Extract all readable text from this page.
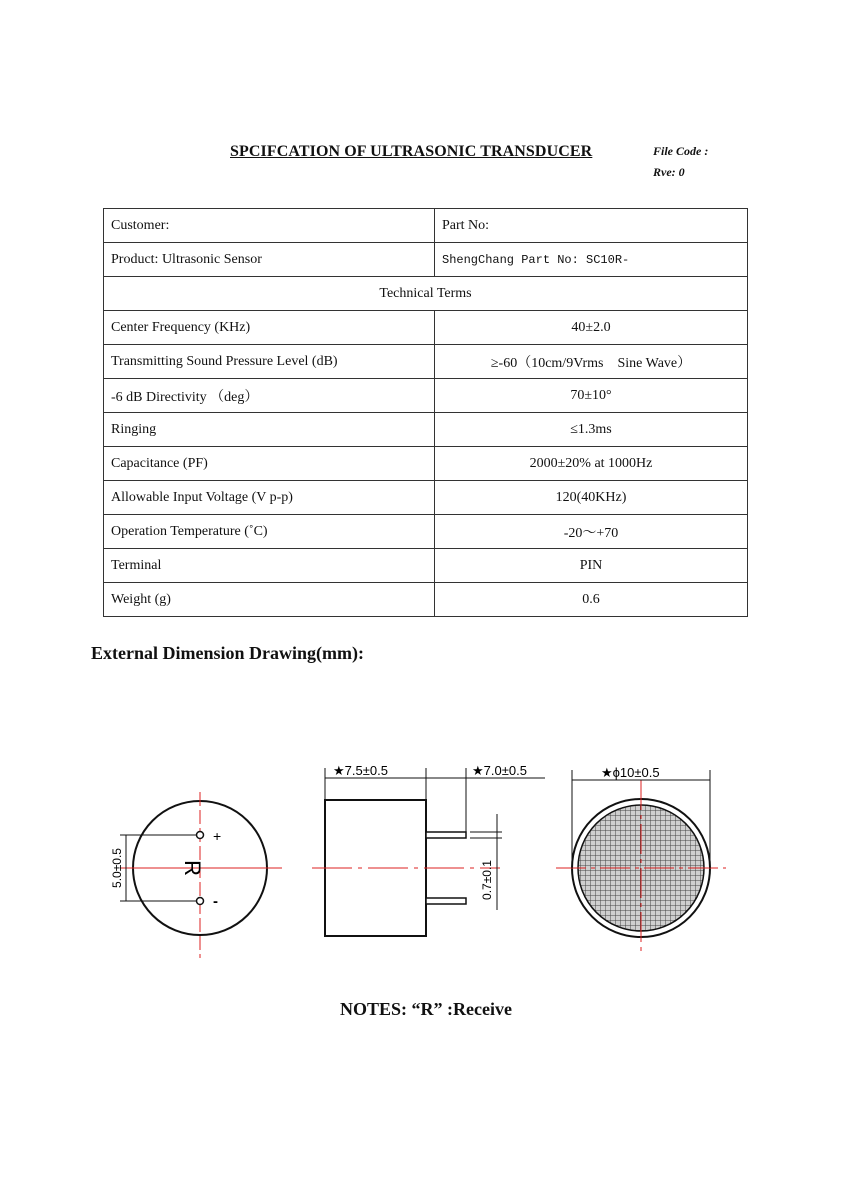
SPCIFCATION OF ULTRASONIC TRANSDUCER	File Code :
Rve: 0
Customer:	Part No:
Product: Ultrasonic Sensor	ShengChang Part No: SC10R-
Technical Terms	
Center Frequency (KHz)	40±2.0
Transmitting Sound Pressure Level (dB)	≥-60（10cm/9Vrms　Sine Wave）
-6 dB Directivity （deg）	70±10°
Ringing	≤1.3ms
Capacitance (PF)	2000±20% at 1000Hz
Allowable Input Voltage (V p-p)	120(40KHz)
Operation Temperature (˚C)	-20～+70
Terminal	PIN
Weight (g)	0.6
External Dimension Drawing(mm):
+
-
R
5.0±0.5
★7.5±0.5	★7.0±0.5
0.7±0.1
★ϕ10±0.5
NOTES: “R” :Receive
